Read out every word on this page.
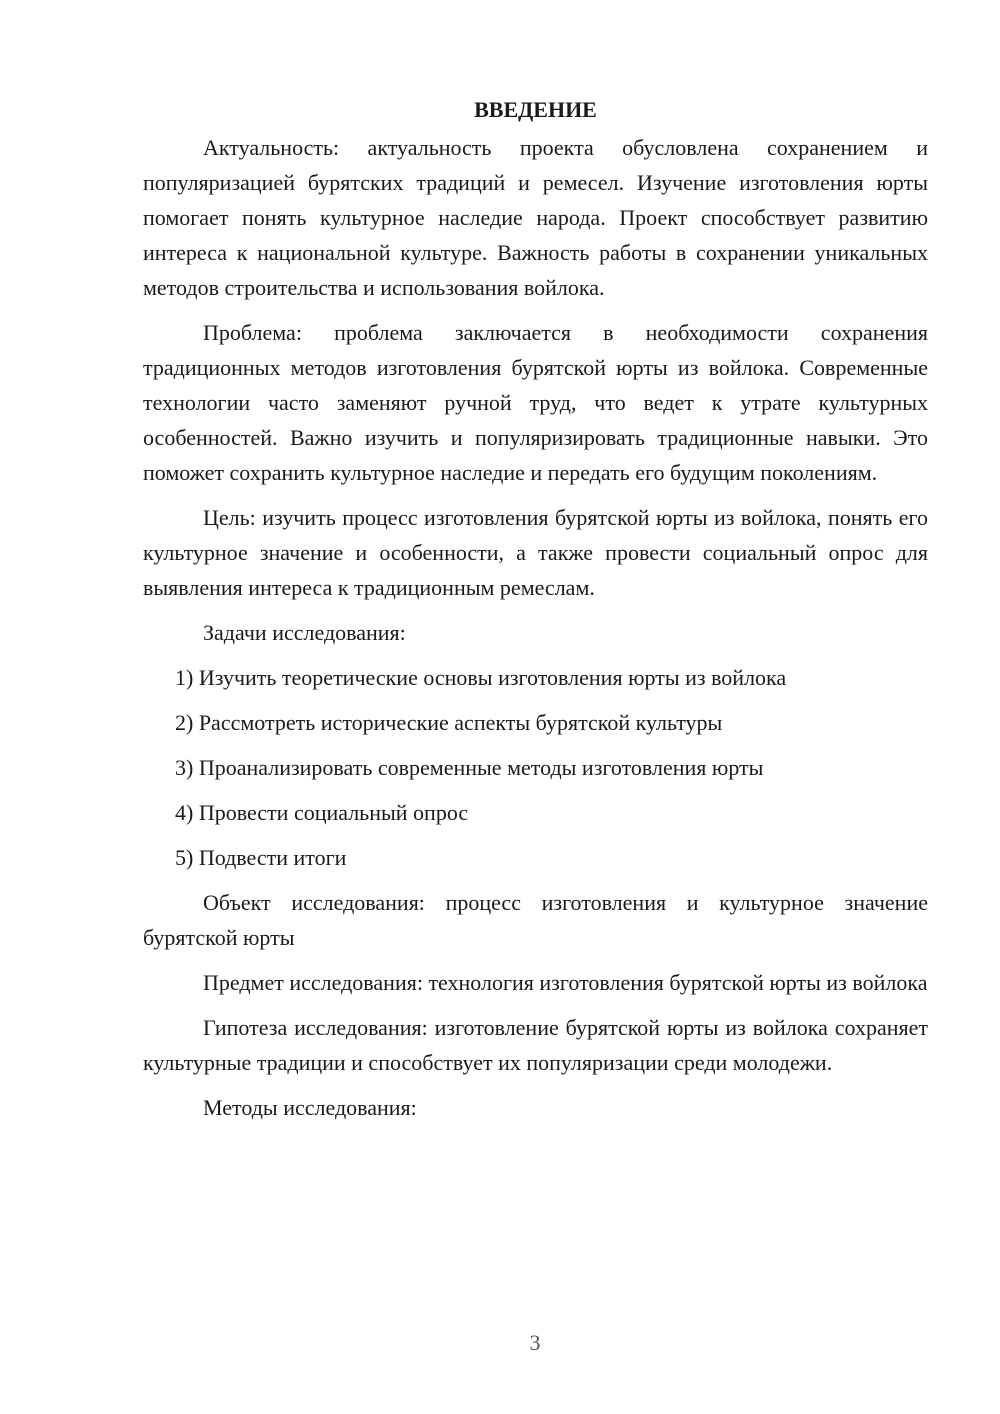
ВВЕДЕНИЕ

Актуальность: актуальность проекта обусловлена сохранением и популяризацией бурятских традиций и ремесел. Изучение изготовления юрты помогает понять культурное наследие народа. Проект способствует развитию интереса к национальной культуре. Важность работы в сохранении уникальных методов строительства и использования войлока.

Проблема: проблема заключается в необходимости сохранения традиционных методов изготовления бурятской юрты из войлока. Современные технологии часто заменяют ручной труд, что ведет к утрате культурных особенностей. Важно изучить и популяризировать традиционные навыки. Это поможет сохранить культурное наследие и передать его будущим поколениям.

Цель: изучить процесс изготовления бурятской юрты из войлока, понять его культурное значение и особенности, а также провести социальный опрос для выявления интереса к традиционным ремеслам.

Задачи исследования:

1) Изучить теоретические основы изготовления юрты из войлока
2) Рассмотреть исторические аспекты бурятской культуры
3) Проанализировать современные методы изготовления юрты
4) Провести социальный опрос
5) Подвести итоги

Объект исследования: процесс изготовления и культурное значение бурятской юрты

Предмет исследования: технология изготовления бурятской юрты из войлока

Гипотеза исследования: изготовление бурятской юрты из войлока сохраняет культурные традиции и способствует их популяризации среди молодежи.

Методы исследования:

3
